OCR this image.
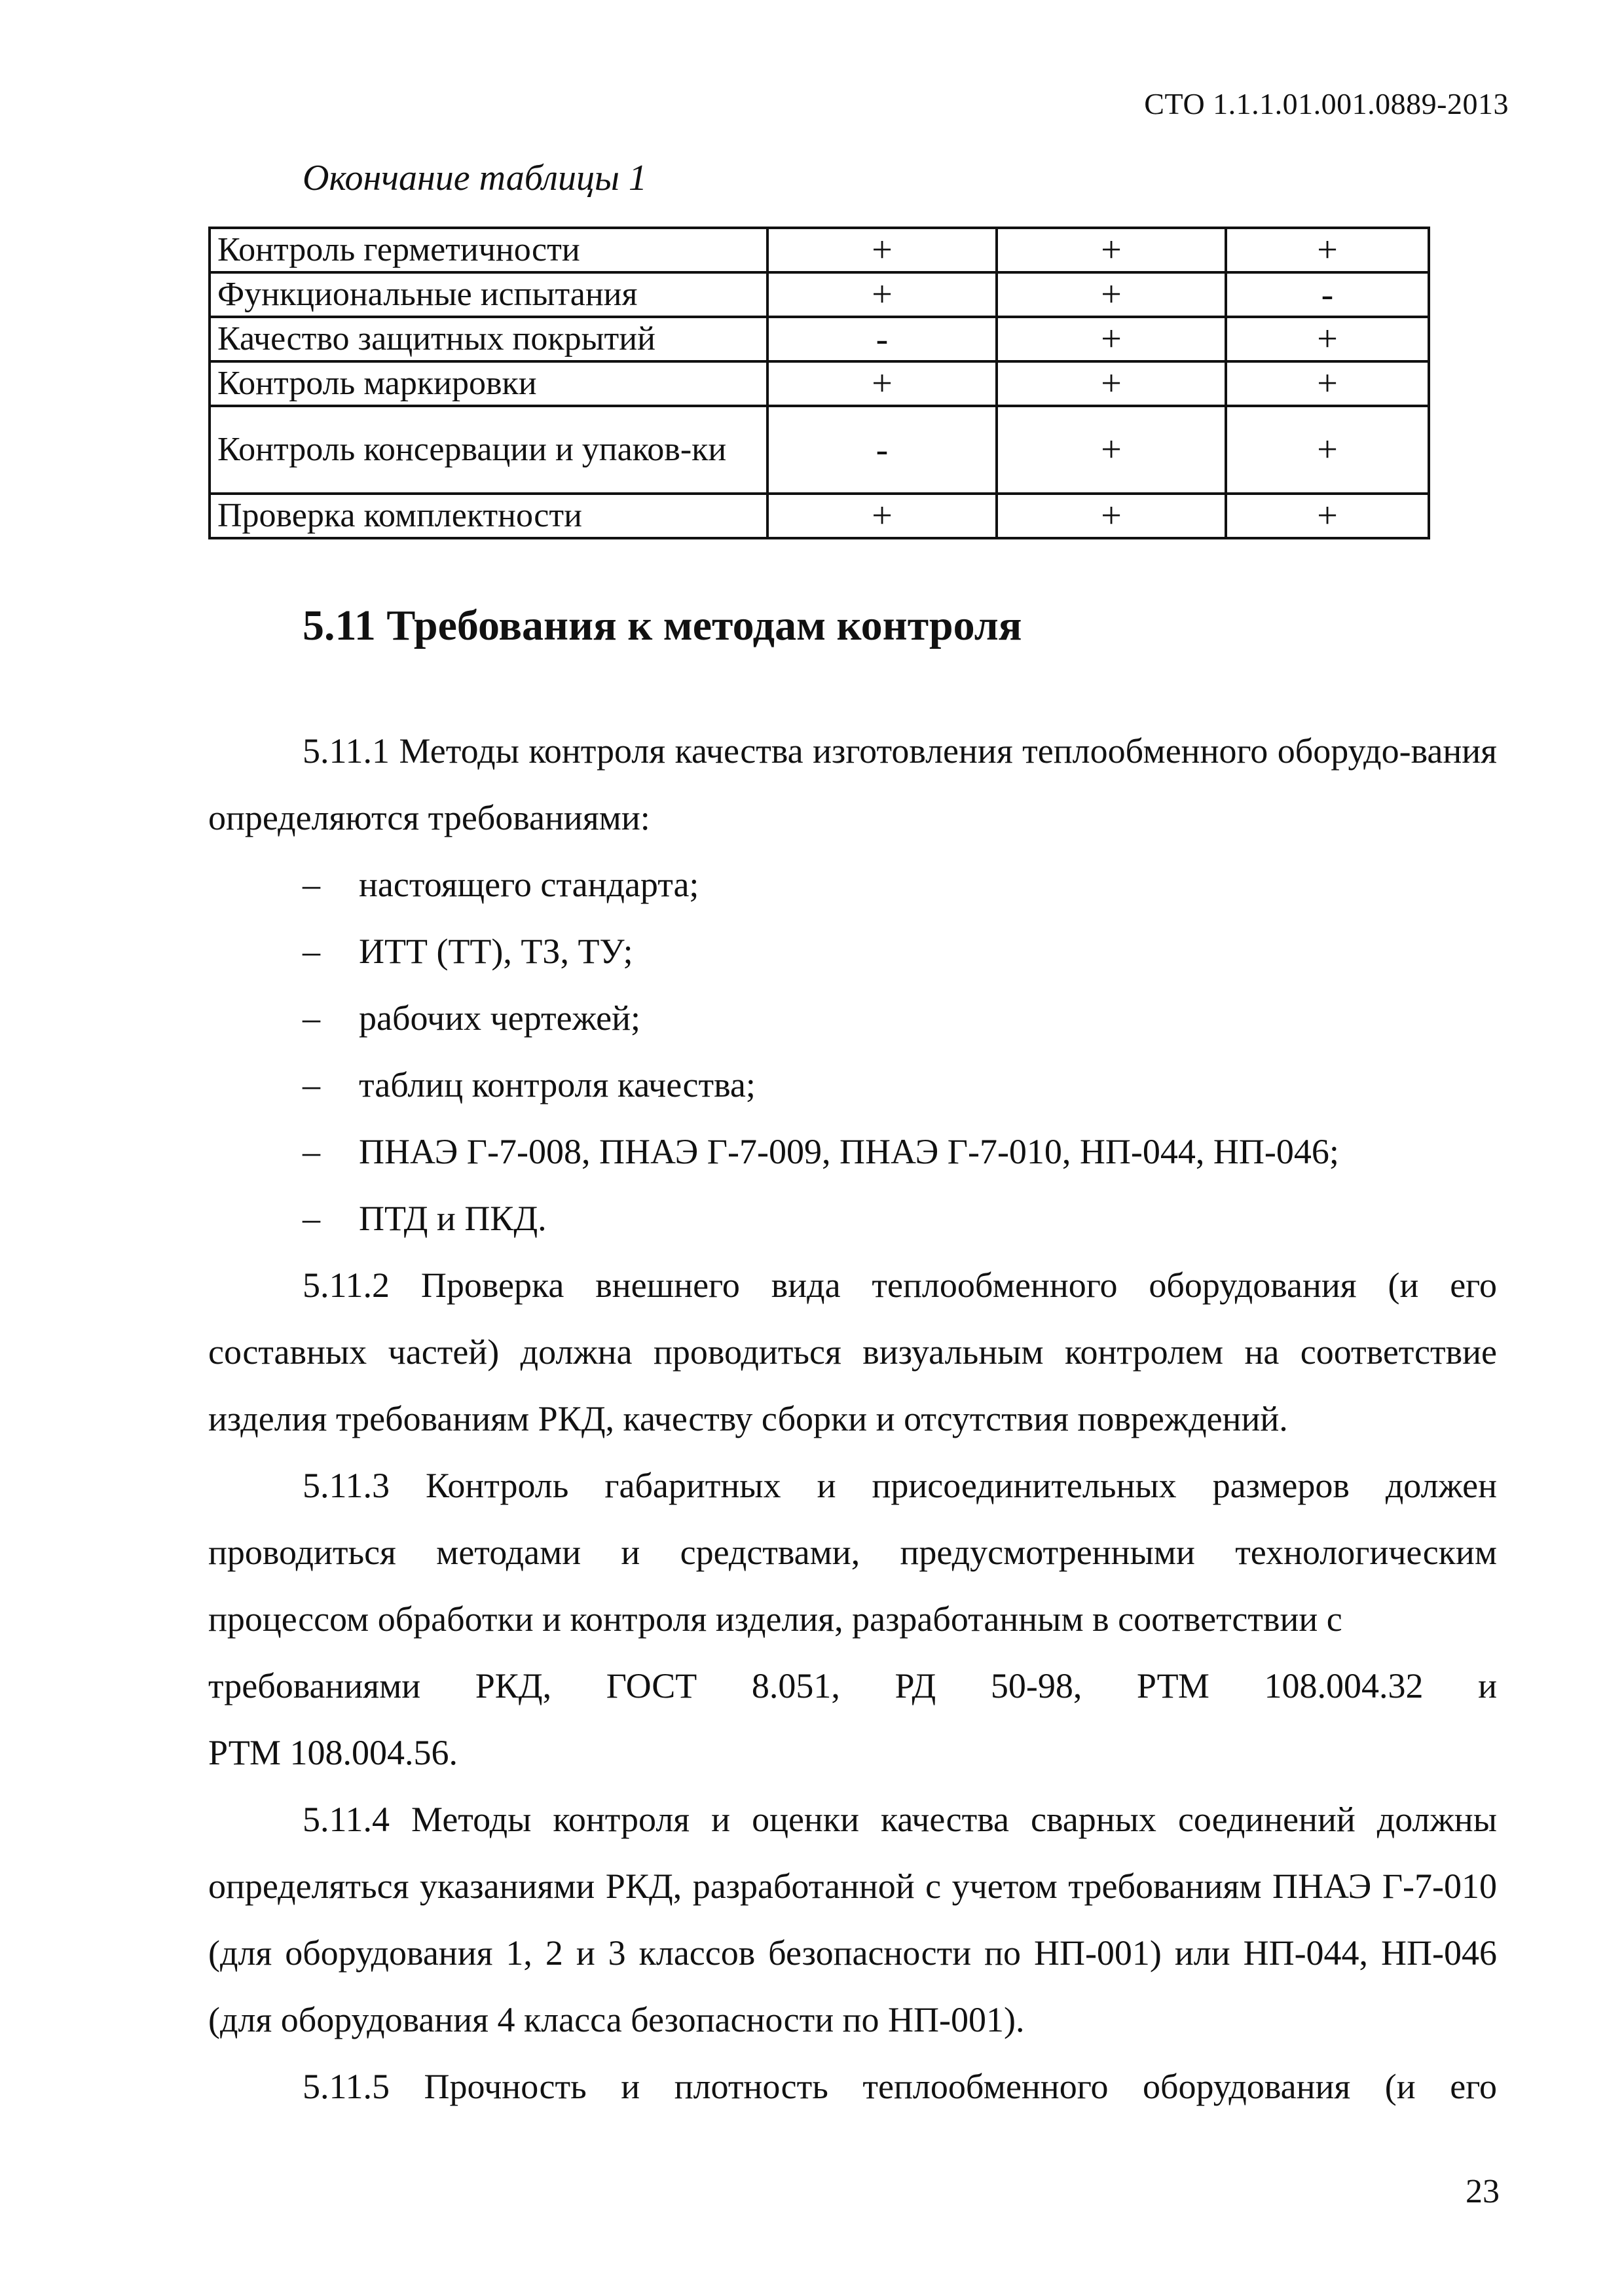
СТО 1.1.1.01.001.0889-2013
Окончание таблицы 1
Контроль герметичности	+	+	+
Функциональные испытания	+	+	-
Качество защитных покрытий	-	+	+
Контроль маркировки	+	+	+

Контроль консервации и упаков-ки	-	+	+
Проверка комплектности	+	+	+
5.11 Требования к методам контроля

5.11.1 Методы контроля качества изготовления теплообменного оборудо-вания определяются требованиями:

– настоящего стандарта;
– ИТТ (ТТ), ТЗ, ТУ;
– рабочих чертежей;
– таблиц контроля качества;
– ПНАЭ Г-7-008, ПНАЭ Г-7-009, ПНАЭ Г-7-010, НП-044, НП-046;
– ПТД и ПКД.

5.11.2 Проверка внешнего вида теплообменного оборудования (и его составных частей) должна проводиться визуальным контролем на соответствие изделия требованиям РКД, качеству сборки и отсутствия повреждений.

5.11.3 Контроль габаритных и присоединительных размеров должен проводиться методами и средствами, предусмотренными технологическим процессом обработки и контроля изделия, разработанным в соответствии с

требованиями РКД, ГОСТ 8.051, РД 50-98, РТМ 108.004.32 и
РТМ 108.004.56.

5.11.4 Методы контроля и оценки качества сварных соединений должны определяться указаниями РКД, разработанной с учетом требованиям ПНАЭ Г-7-010 (для оборудования 1, 2 и 3 классов безопасности по НП-001) или НП-044, НП-046 (для оборудования 4 класса безопасности по НП-001).

5.11.5 Прочность и плотность теплообменного оборудования (и его

23
